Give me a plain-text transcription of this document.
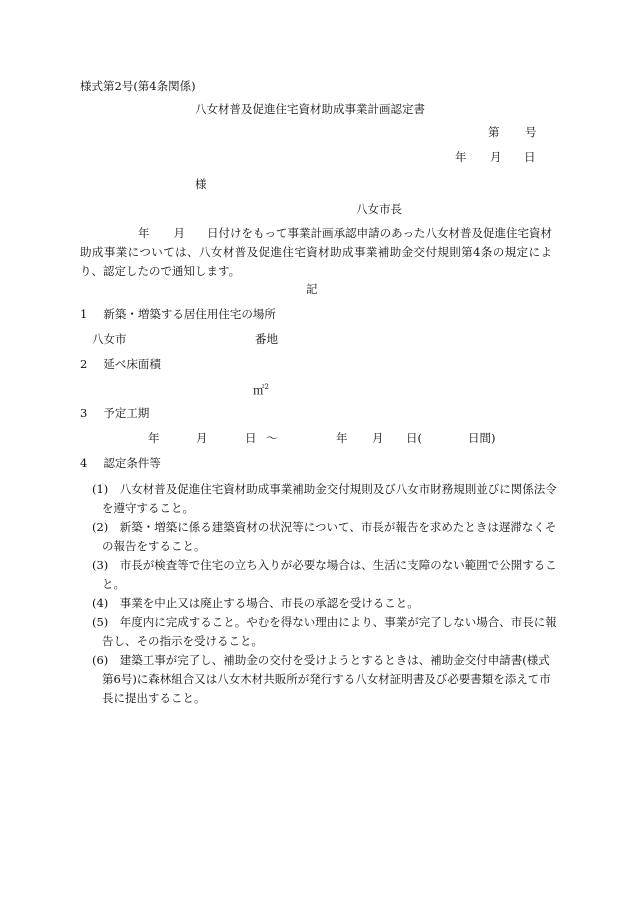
様式第2号(第4条関係)
八女材普及促進住宅資材助成事業計画認定書
第 号
年 月 日
様
八女市長
年 月 日付けをもって事業計画承認申請のあった八女材普及促進住宅資材助成事業については、八女材普及促進住宅資材助成事業補助金交付規則第4条の規定により、認定したので通知します。
記
1 新築・増築する居住用住宅の場所
八女市	番地
2 延べ床面積
㎡$^2$
3 予定工期
年	月	日 ～	年 月 日(	日間)
4 認定条件等
(1)　八女材普及促進住宅資材助成事業補助金交付規則及び八女市財務規則並びに関係法令を遵守すること。
(2)　新築・増築に係る建築資材の状況等について、市長が報告を求めたときは遅滞なくその報告をすること。
(3)　市長が検査等で住宅の立ち入りが必要な場合は、生活に支障のない範囲で公開すること。
(4)　事業を中止又は廃止する場合、市長の承認を受けること。
(5)　年度内に完成すること。やむを得ない理由により、事業が完了しない場合、市長に報告し、その指示を受けること。
(6)　建築工事が完了し、補助金の交付を受けようとするときは、補助金交付申請書(様式第6号)に森林組合又は八女木材共販所が発行する八女材証明書及び必要書類を添えて市長に提出すること。
